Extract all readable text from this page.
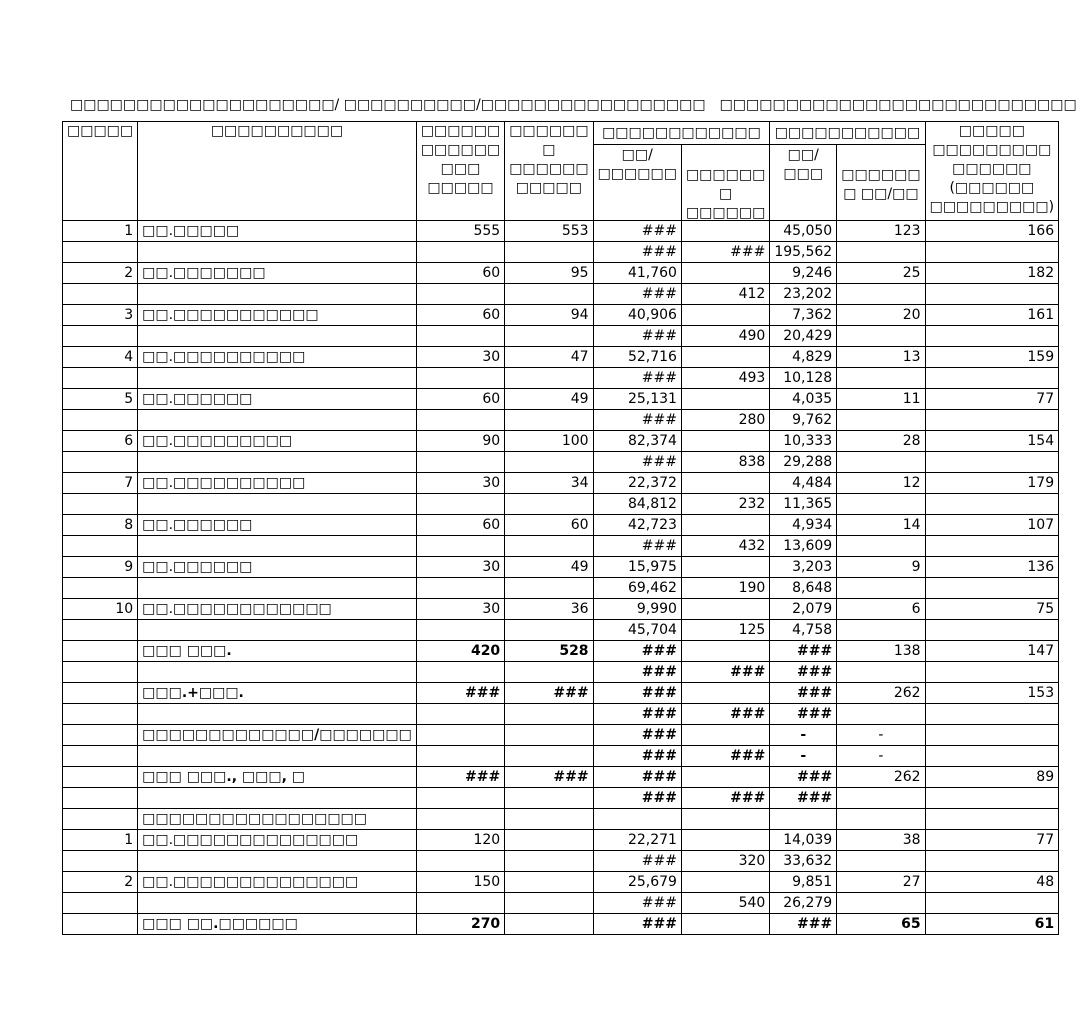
□□□□□□□□□□□□□□□□□□□□/ □□□□□□□□□□/□□□□□□□□□□□□□□□□□ □□□□□□□□□□□□□□□□□□□□□□□□□□□
□□□□□	□□□□□□□□□□	□□□□□□ □□□□□□ □□□ □□□□□	□□□□□□ □ □□□□□□ □□□□□	□□□□□□□□□□□□		□□□□□□□□□□□		□□□□□ □□□□□□□□□ □□□□□□ (□□□□□□ □□□□□□□□□)

				□□/ □□□□□□	□□□□□□ □ □□□□□□	□□/□□□	□□□□□□ □ □□/□□	

1	□□.□□□□□	555	553	###		45,050	123	166
				###	###	195,562		
2	□□.□□□□□□□	60	95	41,760		9,246	25	182
				###	412	23,202		
3	□□.□□□□□□□□□□□	60	94	40,906		7,362	20	161
				###	490	20,429		
4	□□.□□□□□□□□□□	30	47	52,716		4,829	13	159
				###	493	10,128		
5	□□.□□□□□□	60	49	25,131		4,035	11	77
				###	280	9,762		
6	□□.□□□□□□□□□	90	100	82,374		10,333	28	154
				###	838	29,288		
7	□□.□□□□□□□□□□	30	34	22,372		4,484	12	179
				84,812	232	11,365		
8	□□.□□□□□□	60	60	42,723		4,934	14	107
				###	432	13,609		
9	□□.□□□□□□	30	49	15,975		3,203	9	136
				69,462	190	8,648		
10	□□.□□□□□□□□□□□□	30	36	9,990		2,079	6	75
				45,704	125	4,758		
	□□□ □□□.	420	528	###		###	138	147
				###	###	###		
	□□□.+□□□.	###	###	###		###	262	153
				###	###	###		
	□□□□□□□□□□□□□/□□□□□□□			###		-	-	
				###	###	-	-	
	□□□ □□□., □□□, □	###	###	###		###	262	89
				###	###	###		
	□□□□□□□□□□□□□□□□□							
1	□□.□□□□□□□□□□□□□□	120		22,271		14,039	38	77
				###	320	33,632		
2	□□.□□□□□□□□□□□□□□	150		25,679		9,851	27	48
				###	540	26,279		
	□□□ □□.□□□□□□	270		###		###	65	61
